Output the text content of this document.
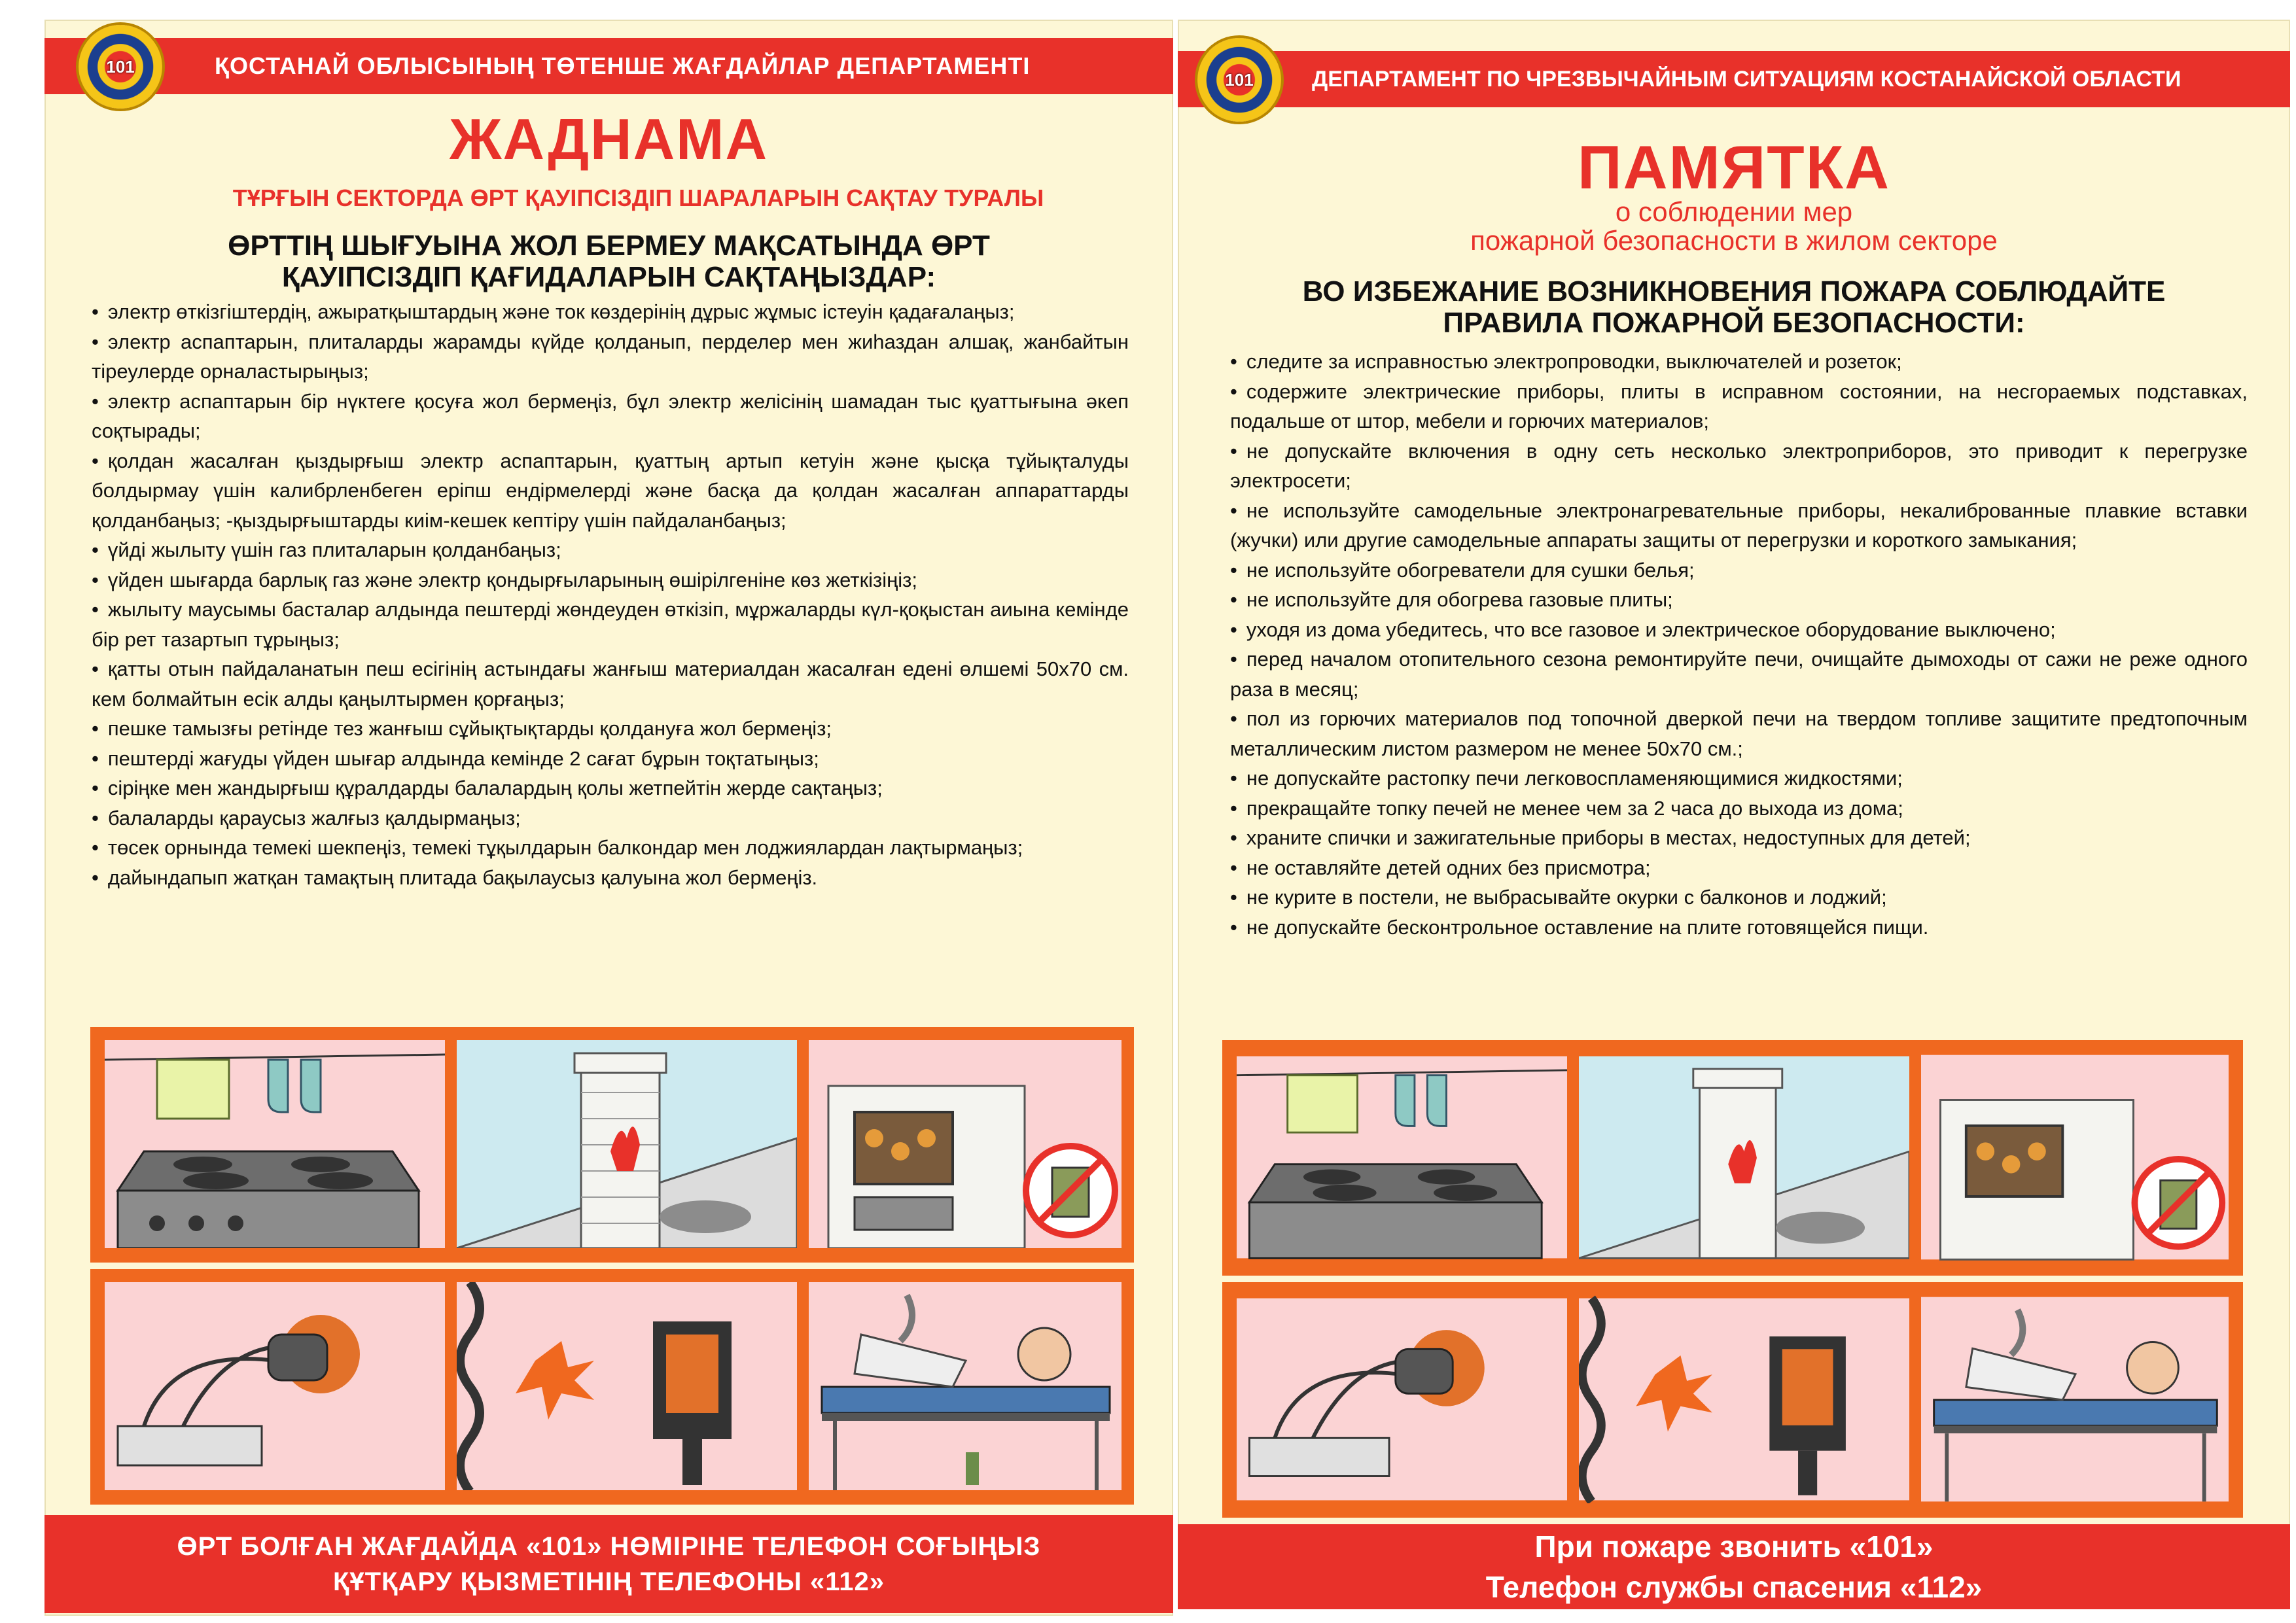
ҚОСТАНАЙ ОБЛЫСЫНЫҢ ТӨТЕНШЕ ЖАҒДАЙЛАР ДЕПАРТАМЕНТІ
101
ЖАДНАМА
ТҰРҒЫН СЕКТОРДА ӨРТ ҚАУІПСІЗДІП ШАРАЛАРЫН САҚТАУ ТУРАЛЫ
ӨРТТІҢ ШЫҒУЫНА ЖОЛ БЕРМЕУ МАҚСАТЫНДА ӨРТ
ҚАУІПСІЗДІП ҚАҒИДАЛАРЫН САҚТАҢЫЗДАР:
• электр өткізгіштердің, ажыратқыштардың және ток көздерінің дұрыс жұмыс істеуін қадағалаңыз;
• электр аспаптарын, плиталарды жарамды күйде қолданып, перделер мен жиһаздан алшақ, жанбайтын тіреулерде орналастырыңыз;
• электр аспаптарын бір нүктеге қосуға жол бермеңіз, бұл электр желісінің шамадан тыс қуаттығына әкеп соқтырады;
• қолдан жасалған қыздырғыш электр аспаптарын, қуаттың артып кетуін және қысқа тұйықталуды болдырмау үшін калибрленбеген еріпш ендірмелерді және басқа да қолдан жасалған аппараттарды қолданбаңыз; -қыздырғыштарды киім-кешек кептіру үшін пайдаланбаңыз;
• үйді жылыту үшін газ плиталарын қолданбаңыз;
• үйден шығарда барлық газ және электр қондырғыларының өшірілгеніне көз жеткізіңіз;
• жылыту маусымы басталар алдында пештерді жөндеуден өткізіп, мұржаларды күл-қоқыстан аиына кемінде бір рет тазартып тұрыңыз;
• қатты отын пайдаланатын пеш есігінің астындағы жанғыш материалдан жасалған едені өлшемі 50х70 см. кем болмайтын есік алды қаңылтырмен қорғаңыз;
• пешке тамызғы ретінде тез жанғыш сұйықтықтарды қолдануға жол бермеңіз;
• пештерді жағуды үйден шығар алдында кемінде 2 сағат бұрын тоқтатыңыз;
• сіріңке мен жандырғыш құралдарды балалардың қолы жетпейтін жерде сақтаңыз;
• балаларды қараусыз жалғыз қалдырмаңыз;
• төсек орнында темекі шекпеңіз, темекі тұқылдарын балкондар мен лоджиялардан лақтырмаңыз;
• дайындапып жатқан тамақтың плитада бақылаусыз қалуына жол бермеңіз.
ӨРТ БОЛҒАН ЖАҒДАЙДА «101» НӨМІРІНЕ ТЕЛЕФОН СОҒЫҢЫЗ
ҚҰТҚАРУ ҚЫЗМЕТІНІҢ ТЕЛЕФОНЫ «112»
ДЕПАРТАМЕНТ ПО ЧРЕЗВЫЧАЙНЫМ СИТУАЦИЯМ КОСТАНАЙСКОЙ ОБЛАСТИ
101
ПАМЯТКА
о соблюдении мер
пожарной безопасности в жилом секторе
ВО ИЗБЕЖАНИЕ ВОЗНИКНОВЕНИЯ ПОЖАРА СОБЛЮДАЙТЕ
ПРАВИЛА ПОЖАРНОЙ БЕЗОПАСНОСТИ:
• следите за исправностью электропроводки, выключателей и розеток;
• содержите электрические приборы, плиты в исправном состоянии, на несгораемых подставках, подальше от штор, мебели и горючих материалов;
• не допускайте включения в одну сеть несколько электроприборов, это приводит к перегрузке электросети;
• не используйте самодельные электронагревательные приборы, некалиброванные плавкие вставки (жучки) или другие самодельные аппараты защиты от перегрузки и короткого замыкания;
• не используйте обогреватели для сушки белья;
• не используйте для обогрева газовые плиты;
• уходя из дома убедитесь, что все газовое и электрическое оборудование выключено;
• перед началом отопительного сезона ремонтируйте печи, очищайте дымоходы от сажи не реже одного раза в месяц;
• пол из горючих материалов под топочной дверкой печи на твердом топливе защитите предтопочным металлическим листом размером не менее 50х70 см.;
• не допускайте растопку печи легковоспламеняющимися жидкостями;
• прекращайте топку печей не менее чем за 2 часа до выхода из дома;
• храните спички и зажигательные приборы в местах, недоступных для детей;
• не оставляйте детей одних без присмотра;
• не курите в постели, не выбрасывайте окурки с балконов и лоджий;
• не допускайте бесконтрольное оставление на плите готовящейся пищи.
При пожаре звонить «101»
Телефон службы спасения «112»
